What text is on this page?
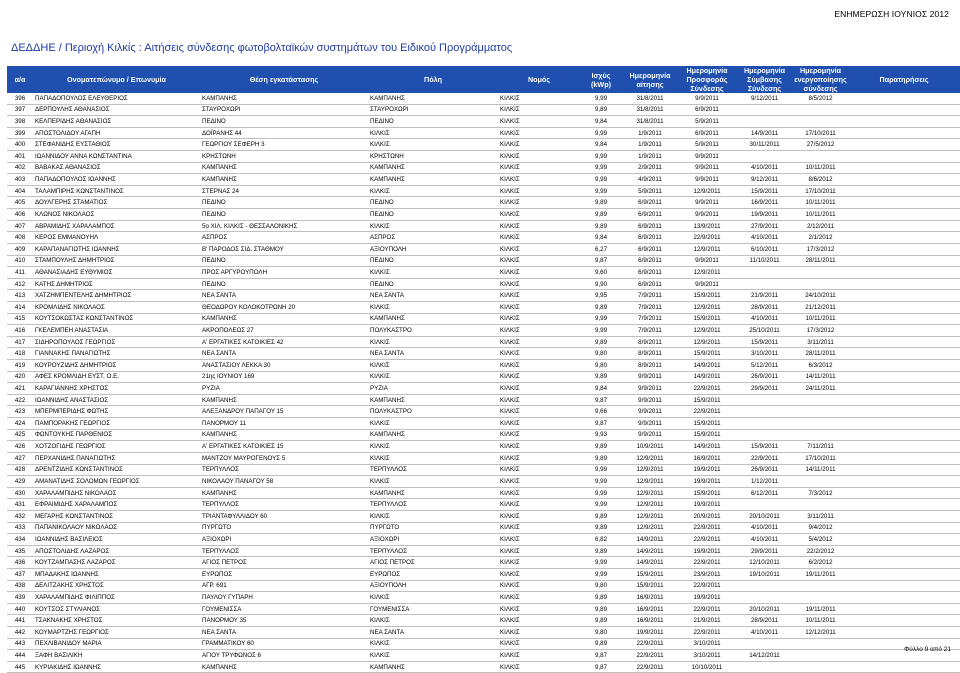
ΕΝΗΜΕΡΩΣΗ ΙΟΥΝΙΟΣ 2012
ΔΕΔΔΗΕ / Περιοχή Κιλκίς : Αιτήσεις σύνδεσης φωτοβολταϊκών συστημάτων του Ειδικού Προγράμματος
α/α	Ονοματεπώνυμο / Επωνυμία	Θέση εγκατάστασης	Πόλη	Νομός	Ισχύς (kWp)	Ημερομηνία αίτησης	Ημερομηνία Προσφοράς Σύνδεσης	Ημερομηνία Σύμβασης Σύνδεσης	Ημερομηνία ενεργοποίησης σύνδεσης	Παρατηρήσεις
396	ΠΑΠΑΔΟΠΟΥΛΟΣ ΕΛΕΥΘΕΡΙΟΣ	ΚΑΜΠΑΝΗΣ	ΚΑΜΠΑΝΗΣ	ΚΙΛΚΙΣ	9,99	31/8/2011	9/9/2011	9/12/2011	8/5/2012	
397	ΔΕΡΠΟΥΛΗΣ ΑΘΑΝΑΣΙΟΣ	ΣΤΑΥΡΟΧΩΡΙ	ΣΤΑΥΡΟΧΩΡΙ	ΚΙΛΚΙΣ	9,89	31/8/2011	6/9/2011			
398	ΚΕΛΠΕΡΙΔΗΣ ΑΘΑΝΑΣΙΟΣ	ΠΕΔΙΝΟ	ΠΕΔΙΝΟ	ΚΙΛΚΙΣ	9,84	31/8/2011	5/9/2011			
399	ΑΠΟΣΤΟΛΙΔΟΥ ΑΓΑΠΗ	ΔΟΪΡΑΝΗΣ 44	ΚΙΛΚΙΣ	ΚΙΛΚΙΣ	9,99	1/9/2011	6/9/2011	14/9/2011	17/10/2011	
400	ΣΤΕΦΑΝΙΔΗΣ ΕΥΣΤΑΘΙΟΣ	ΓΕΩΡΓΙΟΥ ΣΕΦΕΡΗ 3	ΚΙΛΚΙΣ	ΚΙΛΚΙΣ	9,84	1/9/2011	5/9/2011	30/11/2011	27/5/2012	
401	ΙΩΑΝΝΙΔΟΥ ΑΝΝΑ ΚΩΝΣΤΑΝΤΙΝΑ	ΚΡΗΣΤΩΝΗ	ΚΡΗΣΤΩΝΗ	ΚΙΛΚΙΣ	9,99	1/9/2011	9/9/2011			
402	ΒΑΒΑΚΑΣ ΑΘΑΝΑΣΙΟΣ	ΚΑΜΠΑΝΗΣ	ΚΑΜΠΑΝΗΣ	ΚΙΛΚΙΣ	9,99	2/9/2011	9/9/2011	4/10/2011	10/11/2011	
403	ΠΑΠΑΔΟΠΟΥΛΟΣ ΙΩΑΝΝΗΣ	ΚΑΜΠΑΝΗΣ	ΚΑΜΠΑΝΗΣ	ΚΙΛΚΙΣ	9,99	4/9/2011	9/9/2011	9/12/2011	8/6/2012	
404	ΤΑΛΑΜΠΙΡΗΣ ΚΩΝΣΤΑΝΤΙΝΟΣ	ΣΤΕΡΝΑΣ 24	ΚΙΛΚΙΣ	ΚΙΛΚΙΣ	9,99	5/9/2011	12/9/2011	15/9/2011	17/10/2011	
405	ΔΟΥΛΓΕΡΗΣ ΣΤΑΜΑΤΙΟΣ	ΠΕΔΙΝΟ	ΠΕΔΙΝΟ	ΚΙΛΚΙΣ	9,89	6/9/2011	9/9/2011	16/9/2011	10/11/2011	
406	ΚΛΩΝΟΣ ΝΙΚΟΛΑΟΣ	ΠΕΔΙΝΟ	ΠΕΔΙΝΟ	ΚΙΛΚΙΣ	9,89	6/9/2011	9/9/2011	19/9/2011	10/11/2011	
407	ΑΒΡΑΜΙΔΗΣ ΧΑΡΑΛΑΜΠΟΣ	5ο ΧΙΛ. ΚΙΛΚΙΣ - ΘΕΣΣΑΛΟΝΙΚΗΣ	ΚΙΛΚΙΣ	ΚΙΛΚΙΣ	9,89	6/9/2011	13/9/2011	27/9/2011	2/12/2011	
408	ΚΕΡΟΣ ΕΜΜΑΝΟΥΗΛ	ΑΣΠΡΟΣ	ΑΣΠΡΟΣ	ΚΙΛΚΙΣ	9,84	6/9/2011	22/9/2011	4/10/2011	2/1/2012	
409	ΚΑΡΑΠΑΝΑΓΙΩΤΗΣ ΙΩΑΝΝΗΣ	Β' ΠΑΡΟΔΟΣ ΣΙΔ. ΣΤΑΘΜΟΥ	ΑΞΙΟΥΠΟΛΗ	ΚΙΛΚΙΣ	6,27	6/9/2011	12/9/2011	6/10/2011	17/3/2012	
410	ΣΤΑΜΠΟΥΛΗΣ ΔΗΜΗΤΡΙΟΣ	ΠΕΔΙΝΟ	ΠΕΔΙΝΟ	ΚΙΛΚΙΣ	9,87	6/9/2011	9/9/2011	11/10/2011	28/11/2011	
411	ΑΘΑΝΑΣΙΑΔΗΣ ΕΥΘΥΜΙΟΣ	ΠΡΟΣ ΑΡΓΥΡΟΥΠΟΛΗ	ΚΙΛΚΙΣ	ΚΙΛΚΙΣ	9,60	6/9/2011	12/9/2011			
412	ΚΑΤΗΣ ΔΗΜΗΤΡΙΟΣ	ΠΕΔΙΝΟ	ΠΕΔΙΝΟ	ΚΙΛΚΙΣ	9,90	6/9/2011	9/9/2011			
413	ΧΑΤΖΗΜΠΕΝΤΕΛΗΣ ΔΗΜΗΤΡΙΟΣ	ΝΕΑ ΣΑΝΤΑ	ΝΕΑ ΣΑΝΤΑ	ΚΙΛΚΙΣ	9,95	7/9/2011	15/9/2011	21/9/2011	24/10/2011	
414	ΚΡΟΜΛΙΔΗΣ ΝΙΚΟΛΑΟΣ	ΘΕΟΔΩΡΟΥ ΚΟΛΟΚΟΤΡΩΝΗ 20	ΚΙΛΚΙΣ	ΚΙΛΚΙΣ	9,89	7/9/2011	12/9/2011	28/9/2011	21/12/2011	
415	ΚΟΥΤΣΟΚΩΣΤΑΣ ΚΩΝΣΤΑΝΤΙΝΟΣ	ΚΑΜΠΑΝΗΣ	ΚΑΜΠΑΝΗΣ	ΚΙΛΚΙΣ	9,99	7/9/2011	15/9/2011	4/10/2011	10/11/2011	
416	ΓΚΕΛΕΜΠΕΗ ΑΝΑΣΤΑΣΙΑ	ΑΚΡΟΠΟΛΕΩΣ 27	ΠΟΛΥΚΑΣΤΡΟ	ΚΙΛΚΙΣ	9,99	7/9/2011	12/9/2011	25/10/2011	17/3/2012	
417	ΣΙΔΗΡΟΠΟΥΛΟΣ ΓΕΩΡΓΙΟΣ	Α' ΕΡΓΑΤΙΚΕΣ ΚΑΤΟΙΚΙΕΣ 42	ΚΙΛΚΙΣ	ΚΙΛΚΙΣ	9,89	8/9/2011	12/9/2011	15/9/2011	3/11/2011	
418	ΓΙΑΝΝΑΚΗΣ ΠΑΝΑΓΙΩΤΗΣ	ΝΕΑ ΣΑΝΤΑ	ΝΕΑ ΣΑΝΤΑ	ΚΙΛΚΙΣ	9,80	8/9/2011	15/9/2011	3/10/2011	28/11/2011	
419	ΚΟΥΡΟΥΖΙΔΗΣ ΔΗΜΗΤΡΙΟΣ	ΑΝΑΣΤΑΣΙΟΥ ΛΕΚΚΑ 30	ΚΙΛΚΙΣ	ΚΙΛΚΙΣ	9,80	8/9/2011	14/9/2011	5/12/2011	6/3/2012	
420	ΑΦΕΣ ΚΡΟΜΛΙΔΗ ΕΥΣΤ. Ο.Ε.	21ης ΙΟΥΝΙΟΥ 169	ΚΙΛΚΙΣ	ΚΙΛΚΙΣ	9,89	9/9/2011	14/9/2011	26/9/2011	14/11/2011	
421	ΚΑΡΑΓΙΑΝΝΗΣ ΧΡΗΣΤΟΣ	ΡΥΖΙΑ	ΡΥΖΙΑ	ΚΙΛΚΙΣ	9,84	9/9/2011	22/9/2011	29/9/2011	24/11/2011	
422	ΙΩΑΝΝΙΔΗΣ ΑΝΑΣΤΑΣΙΟΣ	ΚΑΜΠΑΝΗΣ	ΚΑΜΠΑΝΗΣ	ΚΙΛΚΙΣ	9,87	9/9/2011	15/9/2011			
423	ΜΠΕΡΜΠΕΡΙΔΗΣ ΦΩΤΗΣ	ΑΛΕΞΑΝΔΡΟΥ ΠΑΠΑΓΟΥ 15	ΠΟΛΥΚΑΣΤΡΟ	ΚΙΛΚΙΣ	9,66	9/9/2011	22/9/2011			
424	ΠΑΜΠΟΡΑΚΗΣ ΓΕΩΡΓΙΟΣ	ΠΑΝΟΡΜΟΥ 11	ΚΙΛΚΙΣ	ΚΙΛΚΙΣ	9,87	9/9/2011	15/9/2011			
425	ΦΩΝΤΟΥΚΗΣ ΠΑΡΘΕΝΙΟΣ	ΚΑΜΠΑΝΗΣ	ΚΑΜΠΑΝΗΣ	ΚΙΛΚΙΣ	9,93	9/9/2011	15/9/2011			
426	ΧΟΤΖΟΓΙΔΗΣ ΓΕΩΡΓΙΟΣ	Α' ΕΡΓΑΤΙΚΕΣ ΚΑΤΟΙΚΙΕΣ 15	ΚΙΛΚΙΣ	ΚΙΛΚΙΣ	9,89	10/9/2011	14/9/2011	15/9/2011	7/11/2011	
427	ΠΕΡΧΑΝΙΔΗΣ ΠΑΝΑΓΙΩΤΗΣ	ΜΑΝΤΖΟΥ ΜΑΥΡΟΓΕΝΟΥΣ 5	ΚΙΛΚΙΣ	ΚΙΛΚΙΣ	9,89	12/9/2011	16/9/2011	22/9/2011	17/10/2011	
428	ΔΡΕΝΤΖΙΔΗΣ ΚΩΝΣΤΑΝΤΙΝΟΣ	ΤΕΡΠΥΛΛΟΣ	ΤΕΡΠΥΛΛΟΣ	ΚΙΛΚΙΣ	9,99	12/9/2011	19/9/2011	26/9/2011	14/11/2011	
429	ΑΜΑΝΑΤΙΔΗΣ ΣΟΛΟΜΩΝ ΓΕΩΡΓΙΟΣ	ΝΙΚΟΛΑΟΥ ΠΑΝΑΓΟΥ 58	ΚΙΛΚΙΣ	ΚΙΛΚΙΣ	9,99	12/9/2011	19/9/2011	1/12/2011		
430	ΧΑΡΑΛΑΜΠΙΔΗΣ ΝΙΚΟΛΑΟΣ	ΚΑΜΠΑΝΗΣ	ΚΑΜΠΑΝΗΣ	ΚΙΛΚΙΣ	9,99	12/9/2011	15/9/2011	6/12/2011	7/3/2012	
431	ΕΦΡΑΙΜΙΔΗΣ ΧΑΡΑΛΑΜΠΟΣ	ΤΕΡΠΥΛΛΟΣ	ΤΕΡΠΥΛΛΟΣ	ΚΙΛΚΙΣ	9,99	12/9/2011	19/9/2011			
432	ΜΕΓΑΡΗΣ ΚΩΝΣΤΑΝΤΙΝΟΣ	ΤΡΙΑΝΤΑΦΥΛΛΙΔΟΥ 60	ΚΙΛΚΙΣ	ΚΙΛΚΙΣ	9,89	12/9/2011	20/9/2011	20/10/2011	3/11/2011	
433	ΠΑΠΑΝΙΚΟΛΑΟΥ ΝΙΚΟΛΑΟΣ	ΠΥΡΓΩΤΟ	ΠΥΡΓΩΤΟ	ΚΙΛΚΙΣ	9,89	12/9/2011	22/9/2011	4/10/2011	9/4/2012	
434	ΙΩΑΝΝΙΔΗΣ ΒΑΣΙΛΕΙΟΣ	ΑΞΙΟΧΩΡΙ	ΑΞΙΟΧΩΡΙ	ΚΙΛΚΙΣ	6,82	14/9/2011	22/9/2011	4/10/2011	5/4/2012	
435	ΑΠΟΣΤΟΛΙΔΗΣ ΛΑΖΑΡΟΣ	ΤΕΡΠΥΛΛΟΣ	ΤΕΡΠΥΛΛΟΣ	ΚΙΛΚΙΣ	9,89	14/9/2011	19/9/2011	29/9/2011	22/2/2012	
436	ΚΟΥΤΖΑΜΠΑΣΗΣ ΛΑΖΑΡΟΣ	ΑΓΙΟΣ ΠΕΤΡΟΣ	ΑΓΙΟΣ ΠΕΤΡΟΣ	ΚΙΛΚΙΣ	9,99	14/9/2011	22/9/2011	12/10/2011	6/2/2012	
437	ΜΠΑΔΑΚΗΣ ΙΩΑΝΝΗΣ	ΕΥΡΩΠΟΣ	ΕΥΡΩΠΟΣ	ΚΙΛΚΙΣ	9,99	15/9/2011	23/9/2011	19/10/2011	19/11/2011	
438	ΔΕΛΙΤΖΑΚΗΣ ΧΡΗΣΤΟΣ	ΑΓΡ. 691	ΑΞΙΟΥΠΟΛΗ	ΚΙΛΚΙΣ	9,80	15/9/2011	22/9/2011			
439	ΧΑΡΑΛΑΜΠΙΔΗΣ ΦΙΛΙΠΠΟΣ	ΠΑΥΛΟΥ ΓΥΠΑΡΗ	ΚΙΛΚΙΣ	ΚΙΛΚΙΣ	9,89	16/9/2011	19/9/2011			
440	ΚΟΥΤΣΟΣ ΣΤΥΛΙΑΝΟΣ	ΓΟΥΜΕΝΙΣΣΑ	ΓΟΥΜΕΝΙΣΣΑ	ΚΙΛΚΙΣ	9,89	16/9/2011	22/9/2011	20/10/2011	19/11/2011	
441	ΤΣΑΚΝΑΚΗΣ ΧΡΗΣΤΟΣ	ΠΑΝΟΡΜΟΥ 35	ΚΙΛΚΙΣ	ΚΙΛΚΙΣ	9,89	16/9/2011	21/9/2011	28/9/2011	10/11/2011	
442	ΚΟΥΜΑΡΤΖΗΣ ΓΕΩΡΓΙΟΣ	ΝΕΑ ΣΑΝΤΑ	ΝΕΑ ΣΑΝΤΑ	ΚΙΛΚΙΣ	9,80	19/9/2011	22/9/2011	4/10/2011	12/12/2011	
443	ΠΕΧΛΙΒΑΝΙΔΟΥ ΜΑΡΙΑ	ΓΡΑΜΜΑΤΙΚΟΥ 60	ΚΙΛΚΙΣ	ΚΙΛΚΙΣ	9,89	22/9/2011	3/10/2011			
444	ΞΑΦΗ ΒΑΣΙΛΙΚΗ	ΑΓΙΟΥ ΤΡΥΦΩΝΟΣ 6	ΚΙΛΚΙΣ	ΚΙΛΚΙΣ	9,87	22/9/2011	3/10/2011	14/12/2011		
445	ΚΥΡΙΑΚΙΔΗΣ ΙΩΑΝΝΗΣ	ΚΑΜΠΑΝΗΣ	ΚΑΜΠΑΝΗΣ	ΚΙΛΚΙΣ	9,87	22/9/2011	10/10/2011			
Φύλλο 9 από 21
